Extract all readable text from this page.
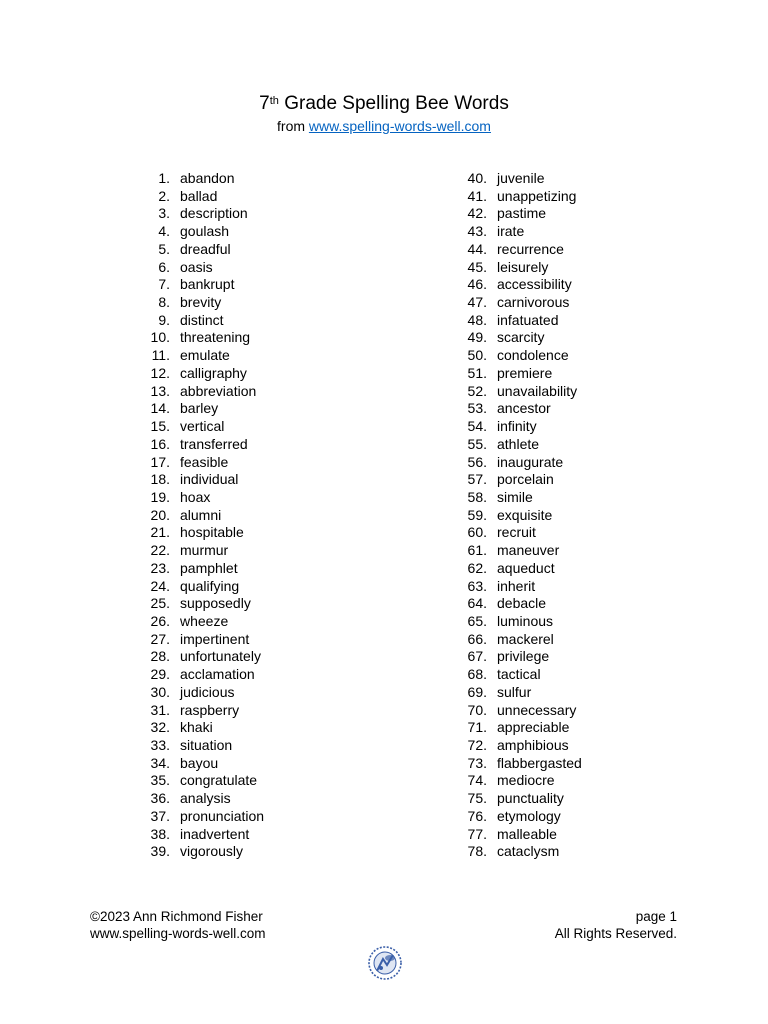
7th Grade Spelling Bee Words
from www.spelling-words-well.com
1. abandon
2. ballad
3. description
4. goulash
5. dreadful
6. oasis
7. bankrupt
8. brevity
9. distinct
10. threatening
11. emulate
12. calligraphy
13. abbreviation
14. barley
15. vertical
16. transferred
17. feasible
18. individual
19. hoax
20. alumni
21. hospitable
22. murmur
23. pamphlet
24. qualifying
25. supposedly
26. wheeze
27. impertinent
28. unfortunately
29. acclamation
30. judicious
31. raspberry
32. khaki
33. situation
34. bayou
35. congratulate
36. analysis
37. pronunciation
38. inadvertent
39. vigorously
40. juvenile
41. unappetizing
42. pastime
43. irate
44. recurrence
45. leisurely
46. accessibility
47. carnivorous
48. infatuated
49. scarcity
50. condolence
51. premiere
52. unavailability
53. ancestor
54. infinity
55. athlete
56. inaugurate
57. porcelain
58. simile
59. exquisite
60. recruit
61. maneuver
62. aqueduct
63. inherit
64. debacle
65. luminous
66. mackerel
67. privilege
68. tactical
69. sulfur
70. unnecessary
71. appreciable
72. amphibious
73. flabbergasted
74. mediocre
75. punctuality
76. etymology
77. malleable
78. cataclysm
©2023 Ann Richmond Fisher
www.spelling-words-well.com
page 1
All Rights Reserved.
